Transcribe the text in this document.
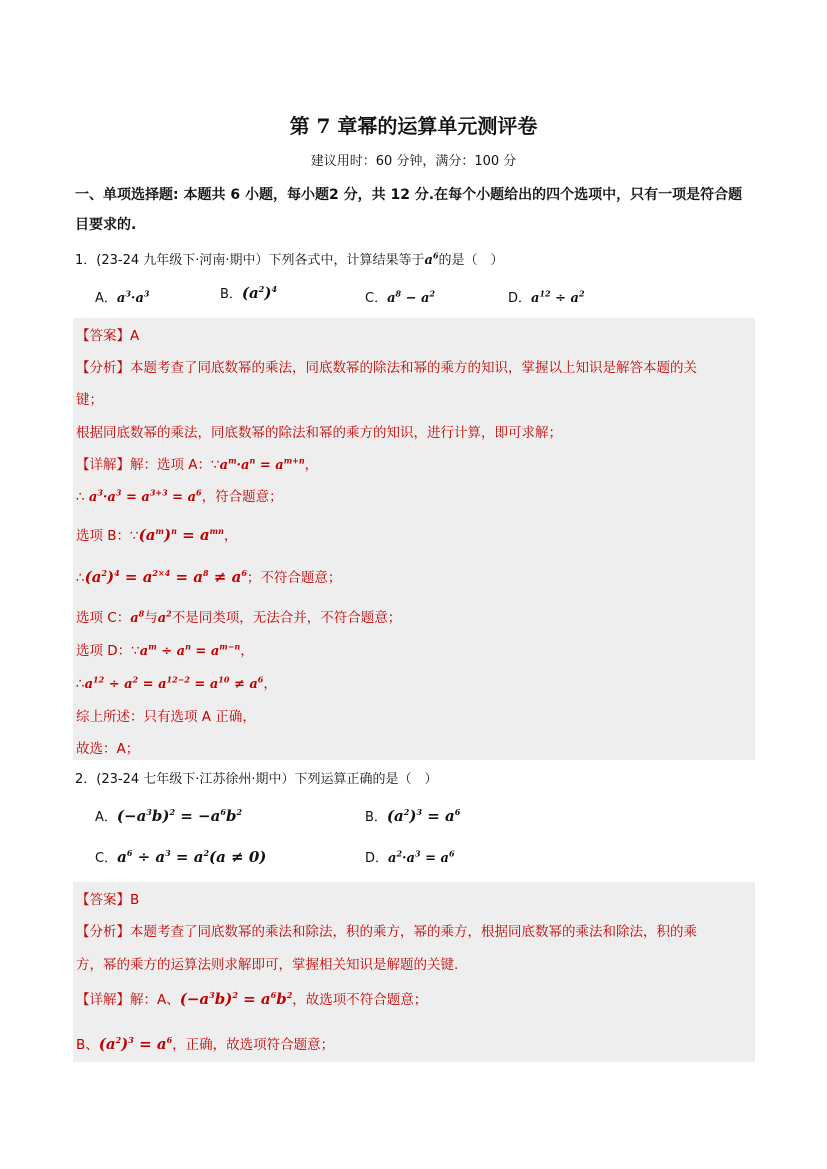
第 7 章幂的运算单元测评卷
建议用时：60 分钟，满分：100 分
一、单项选择题: 本题共 6 小题，每小题2 分，共 12 分.在每个小题给出的四个选项中，只有一项是符合题目要求的.
1．(23-24 九年级下·河南·期中）下列各式中，计算结果等于$a^6$的是（　）
A．$a^3\cdot a^3$	B．$(a^2)^4$
C．$a^8 - a^2$	D．$a^{12} \div a^2$
【答案】A
【分析】本题考查了同底数幂的乘法，同底数幂的除法和幂的乘方的知识，掌握以上知识是解答本题的关
键；
根据同底数幂的乘法，同底数幂的除法和幂的乘方的知识，进行计算，即可求解；
【详解】解：选项 A：$\because a^m\cdot a^n = a^{m+n}$，
∴ $a^3\cdot a^3 = a^{3+3} = a^6$，符合题意；
选项 B：$\because(a^m)^n = a^{mn}$，
$\therefore(a^2)^4 = a^{2\times 4} = a^8 \ne a^6$；不符合题意；
选项 C：$a^8$与$a^2$不是同类项，无法合并，不符合题意；
选项 D：$\because a^m \div a^n = a^{m-n}$，
$\therefore a^{12} \div a^2 = a^{12-2} = a^{10} \ne a^6$，
综上所述：只有选项 A 正确，
故选：A；
2．(23-24 七年级下·江苏徐州·期中）下列运算正确的是（　）
A．$(-a^3b)^2 = -a^6b^2$	B．$(a^2)^3 = a^6$
C．$a^6 \div a^3 = a^2(a \ne 0)$	D．$a^2\cdot a^3 = a^6$
【答案】B
【分析】本题考查了同底数幂的乘法和除法，积的乘方，幂的乘方，根据同底数幂的乘法和除法，积的乘
方，幂的乘方的运算法则求解即可，掌握相关知识是解题的关键.
【详解】解：A、$(-a^3b)^2 = a^6b^2$，故选项不符合题意；
B、$(a^2)^3 = a^6$，正确，故选项符合题意；
